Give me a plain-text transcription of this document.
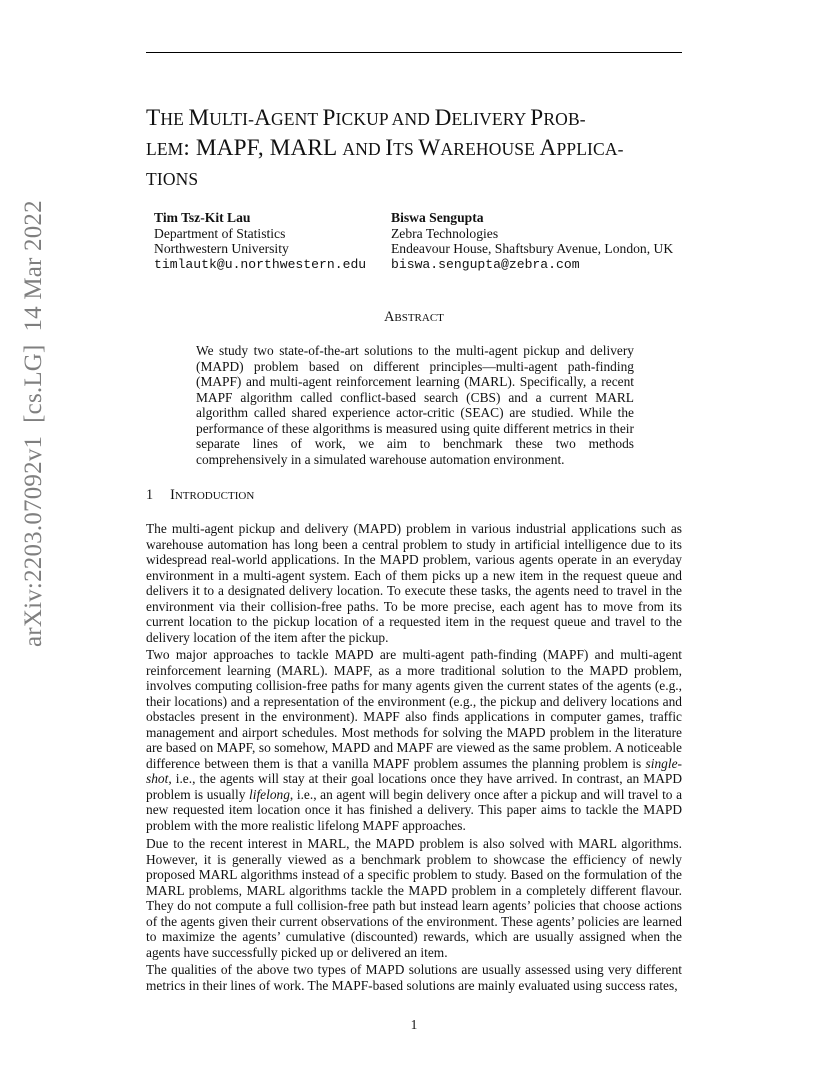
THE MULTI-AGENT PICKUP AND DELIVERY PROB-
LEM: MAPF, MARL AND ITS WAREHOUSE APPLICA-
TIONS
Tim Tsz-Kit Lau
Department of Statistics
Northwestern University
timlautk@u.northwestern.edu
Biswa Sengupta
Zebra Technologies
Endeavour House, Shaftsbury Avenue, London, UK
biswa.sengupta@zebra.com
arXiv:2203.07092v1  [cs.LG]  14 Mar 2022	ABSTRACT
We study two state-of-the-art solutions to the multi-agent pickup and delivery (MAPD) problem based on different principles—multi-agent path-finding (MAPF) and multi-agent reinforcement learning (MARL). Specifically, a recent MAPF algorithm called conflict-based search (CBS) and a current MARL algorithm called shared experience actor-critic (SEAC) are studied. While the performance of these algorithms is measured using quite different metrics in their separate lines of work, we aim to benchmark these two methods comprehensively in a simulated warehouse automation environment.
1 INTRODUCTION

The multi-agent pickup and delivery (MAPD) problem in various industrial applications such as warehouse automation has long been a central problem to study in artificial intelligence due to its widespread real-world applications. In the MAPD problem, various agents operate in an everyday environment in a multi-agent system. Each of them picks up a new item in the request queue and delivers it to a designated delivery location. To execute these tasks, the agents need to travel in the environment via their collision-free paths. To be more precise, each agent has to move from its current location to the pickup location of a requested item in the request queue and travel to the delivery location of the item after the pickup.

Two major approaches to tackle MAPD are multi-agent path-finding (MAPF) and multi-agent reinforcement learning (MARL). MAPF, as a more traditional solution to the MAPD problem, involves computing collision-free paths for many agents given the current states of the agents (e.g., their locations) and a representation of the environment (e.g., the pickup and delivery locations and obstacles present in the environment). MAPF also finds applications in computer games, traffic management and airport schedules. Most methods for solving the MAPD problem in the literature are based on MAPF, so somehow, MAPD and MAPF are viewed as the same problem. A noticeable difference between them is that a vanilla MAPF problem assumes the planning problem is single-shot, i.e., the agents will stay at their goal locations once they have arrived. In contrast, an MAPD problem is usually lifelong, i.e., an agent will begin delivery once after a pickup and will travel to a new requested item location once it has finished a delivery. This paper aims to tackle the MAPD problem with the more realistic lifelong MAPF approaches.

Due to the recent interest in MARL, the MAPD problem is also solved with MARL algorithms. However, it is generally viewed as a benchmark problem to showcase the efficiency of newly proposed MARL algorithms instead of a specific problem to study. Based on the formulation of the MARL problems, MARL algorithms tackle the MAPD problem in a completely different flavour. They do not compute a full collision-free path but instead learn agents’ policies that choose actions of the agents given their current observations of the environment. These agents’ policies are learned to maximize the agents’ cumulative (discounted) rewards, which are usually assigned when the agents have successfully picked up or delivered an item.

The qualities of the above two types of MAPD solutions are usually assessed using very different metrics in their lines of work. The MAPF-based solutions are mainly evaluated using success rates,

1
